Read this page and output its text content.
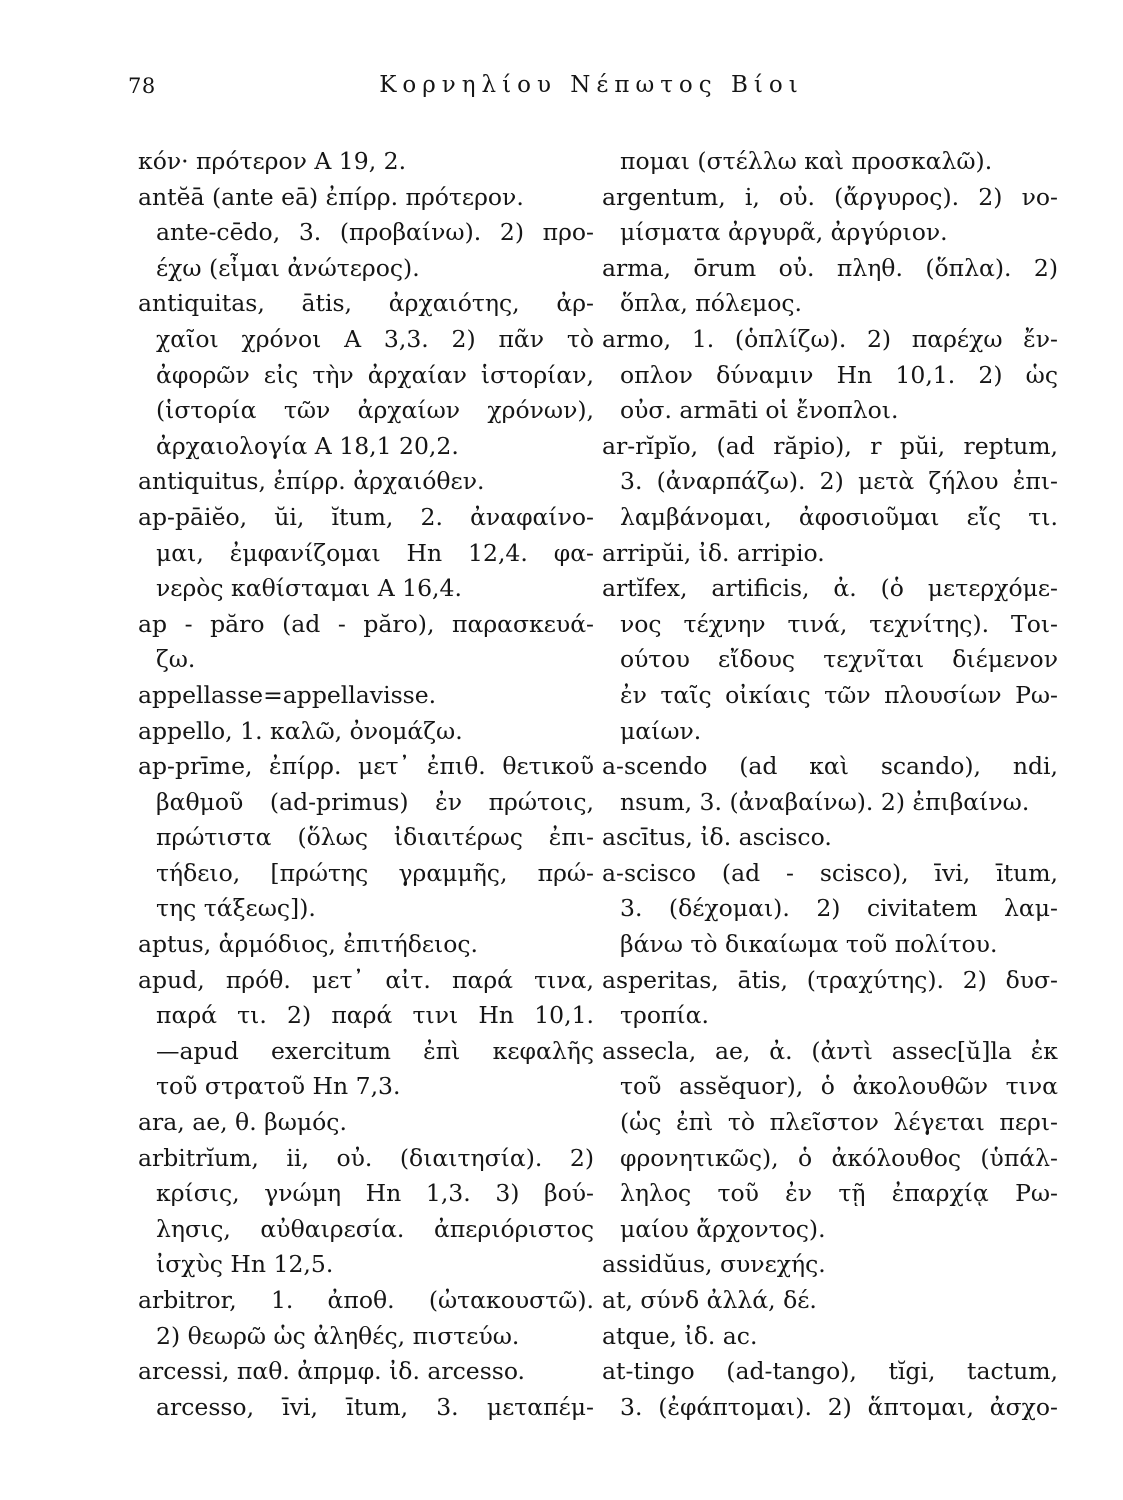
78	Κορνηλίου Νέπωτος Βίοι
κόν· πρότερον Α 19, 2.
antĕā (ante eā) ἐπίρρ. πρότερον.
ante-cēdo, 3. (προβαίνω). 2) προ-
έχω (εἶμαι ἀνώτερος).
antiquitas, ātis, ἀρχαιότης, ἀρ-
χαῖοι χρόνοι Α 3,3. 2) πᾶν τὸ
ἀφορῶν εἰς τὴν ἀρχαίαν ἱστορίαν,
(ἱστορία τῶν ἀρχαίων χρόνων),
ἀρχαιολογία Α 18,1 20,2.
antiquitus, ἐπίρρ. ἀρχαιόθεν.
ap-pāiĕo, ŭi, ĭtum, 2. ἀναφαίνο-
μαι, ἐμφανίζομαι Hn 12,4. φα-
νερὸς καθίσταμαι Α 16,4.
ap - păro (ad - păro), παρασκευά-
ζω.
appellasse=appellavisse.
appello, 1. καλῶ, ὀνομάζω.
ap-prīme, ἐπίρρ. μετ᾽ ἐπιθ. θετικοῦ
βαθμοῦ (ad-primus) ἐν πρώτοις,
πρώτιστα (ὅλως ἰδιαιτέρως ἐπι-
τήδειο, [πρώτης γραμμῆς, πρώ-
της τάξεως]).
aptus, ἁρμόδιος, ἐπιτήδειος.
apud, πρόθ. μετ᾽ αἰτ. παρά τινα,
παρά τι. 2) παρά τινι Hn 10,1.
—apud exercitum ἐπὶ κεφαλῆς
τοῦ στρατοῦ Hn 7,3.
ara, ae, θ. βωμός.
arbitrĭum, ii, οὐ. (διαιτησία). 2)
κρίσις, γνώμη Hn 1,3. 3) βού-
λησις, αὐθαιρεσία. ἀπεριόριστος
ἰσχὺς Hn 12,5.
arbitror, 1. ἀποθ. (ὠτακουστῶ).
2) θεωρῶ ὡς ἀληθές, πιστεύω.
arcessi, παθ. ἀπρμφ. ἰδ. arcesso.
arcesso, īvi, ītum, 3. μεταπέμ-
πομαι (στέλλω καὶ προσκαλῶ).
argentum, i, οὐ. (ἄργυρος). 2) νο-
μίσματα ἀργυρᾶ, ἀργύριον.
arma, ōrum οὐ. πληθ. (ὅπλα). 2)
ὅπλα, πόλεμος.
armo, 1. (ὁπλίζω). 2) παρέχω ἔν-
οπλον δύναμιν Hn 10,1. 2) ὡς
οὐσ. armāti οἱ ἔνοπλοι.
ar-rĭpĭo, (ad răpio), r pŭi, reptum,
3. (ἀναρπάζω). 2) μετὰ ζήλου ἐπι-
λαμβάνομαι, ἀφοσιοῦμαι εἴς τι.
arripŭi, ἰδ. arripio.
artĭfex, artificis, ἀ. (ὁ μετερχόμε-
νος τέχνην τινά, τεχνίτης). Τοι-
ούτου εἴδους τεχνῖται διέμενον
ἐν ταῖς οἰκίαις τῶν πλουσίων Ρω-
μαίων.
a-scendo (ad καὶ scando), ndi,
nsum, 3. (ἀναβαίνω). 2) ἐπιβαίνω.
ascītus, ἰδ. ascisco.
a-scisco (ad - scisco), īvi, ītum,
3. (δέχομαι). 2) civitatem λαμ-
βάνω τὸ δικαίωμα τοῦ πολίτου.
asperitas, ātis, (τραχύτης). 2) δυσ-
τροπία.
assecla, ae, ἀ. (ἀντὶ assec[ŭ]la ἐκ
τοῦ assĕquor), ὁ ἀκολουθῶν τινα
(ὡς ἐπὶ τὸ πλεῖστον λέγεται περι-
φρονητικῶς), ὁ ἀκόλουθος (ὑπάλ-
ληλος τοῦ ἐν τῇ ἐπαρχίᾳ Ρω-
μαίου ἄρχοντος).
assidŭus, συνεχής.
at, σύνδ ἀλλά, δέ.
atque, ἰδ. ac.
at-tingo (ad-tango), tĭgi, tactum,
3. (ἐφάπτομαι). 2) ἅπτομαι, ἀσχο-
